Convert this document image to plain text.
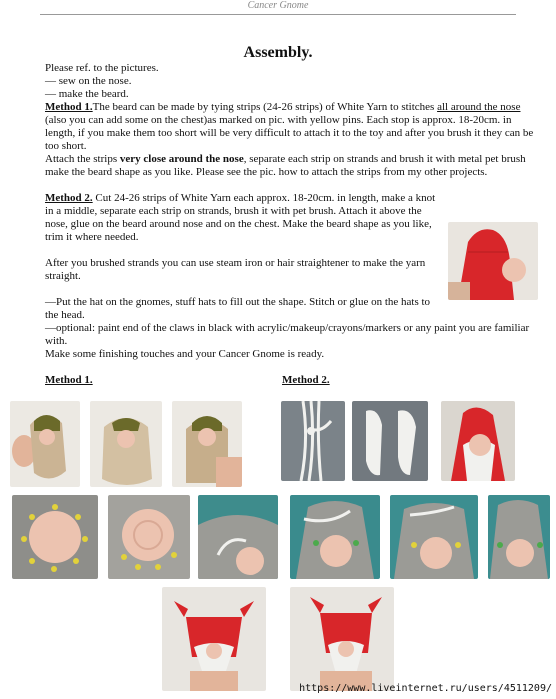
Cancer Gnome
Assembly.

Please ref. to the pictures.

— sew on the nose.

— make the beard.

Method 1.The beard can be made by tying strips (24-26 strips) of White Yarn to stitches all around the nose (also you can add some on the chest)as marked on pic. with yellow pins. Each stop is approx. 18-20cm. in length, if you make them too short will be very difficult to attach it to the toy and after you brush it they can be too short.

Attach the strips very close around the nose, separate each strip on strands and brush it with metal pet brush make the beard shape as you like. Please see the pic. how to attach the strips from my other projects.

Method 2. Cut 24-26 strips of White Yarn each approx. 18-20cm. in length, make a knot in a middle, separate each strip on strands, brush it with pet brush. Attach it above the nose, glue on the beard around nose and on the chest. Make the beard shape as you like, trim it where needed.

After you brushed strands you can use steam iron or hair straightener to make the yarn straight.

—Put the hat on the gnomes, stuff hats to fill out the shape. Stitch or glue on the hats to the head.

—optional: paint end of the claws in black with acrylic/makeup/crayons/markers or any paint you are familiar with.

Make some finishing touches and your Cancer Gnome is ready.

Method 1.	Method 2.
https://www.liveinternet.ru/users/4511209/
